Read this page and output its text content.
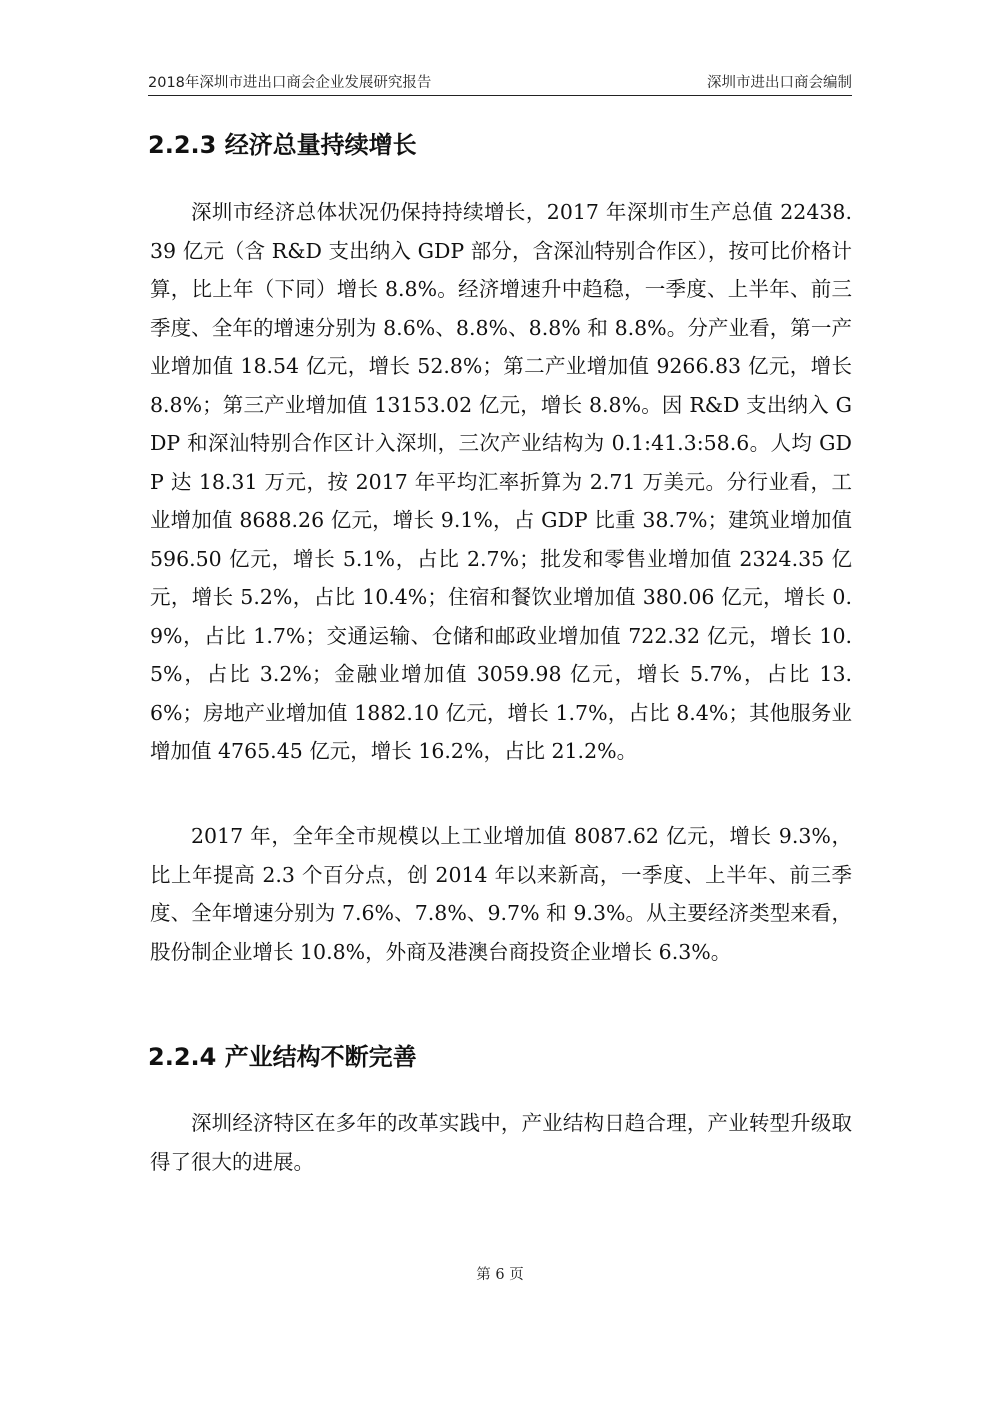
2018年深圳市进出口商会企业发展研究报告	深圳市进出口商会编制
2.2.3 经济总量持续增长

深圳市经济总体状况仍保持持续增长，2017 年深圳市生产总值 22438.39 亿元（含 R&D 支出纳入 GDP 部分，含深汕特别合作区），按可比价格计算，比上年（下同）增长 8.8%。经济增速升中趋稳，一季度、上半年、前三季度、全年的增速分别为 8.6%、8.8%、8.8% 和 8.8%。分产业看，第一产业增加值 18.54 亿元，增长 52.8%；第二产业增加值 9266.83 亿元，增长 8.8%；第三产业增加值 13153.02 亿元，增长 8.8%。因 R&D 支出纳入 GDP 和深汕特别合作区计入深圳，三次产业结构为 0.1:41.3:58.6。人均 GDP 达 18.31 万元，按 2017 年平均汇率折算为 2.71 万美元。分行业看，工业增加值 8688.26 亿元，增长 9.1%，占 GDP 比重 38.7%；建筑业增加值 596.50 亿元，增长 5.1%，占比 2.7%；批发和零售业增加值 2324.35 亿元，增长 5.2%，占比 10.4%；住宿和餐饮业增加值 380.06 亿元，增长 0.9%，占比 1.7%；交通运输、仓储和邮政业增加值 722.32 亿元，增长 10.5%，占比 3.2%；金融业增加值 3059.98 亿元，增长 5.7%，占比 13.6%；房地产业增加值 1882.10 亿元，增长 1.7%，占比 8.4%；其他服务业增加值 4765.45 亿元，增长 16.2%，占比 21.2%。

2017 年，全年全市规模以上工业增加值 8087.62 亿元，增长 9.3%，比上年提高 2.3 个百分点，创 2014 年以来新高，一季度、上半年、前三季度、全年增速分别为 7.6%、7.8%、9.7% 和 9.3%。从主要经济类型来看，股份制企业增长 10.8%，外商及港澳台商投资企业增长 6.3%。

2.2.4 产业结构不断完善

深圳经济特区在多年的改革实践中，产业结构日趋合理，产业转型升级取得了很大的进展。

第 6 页
